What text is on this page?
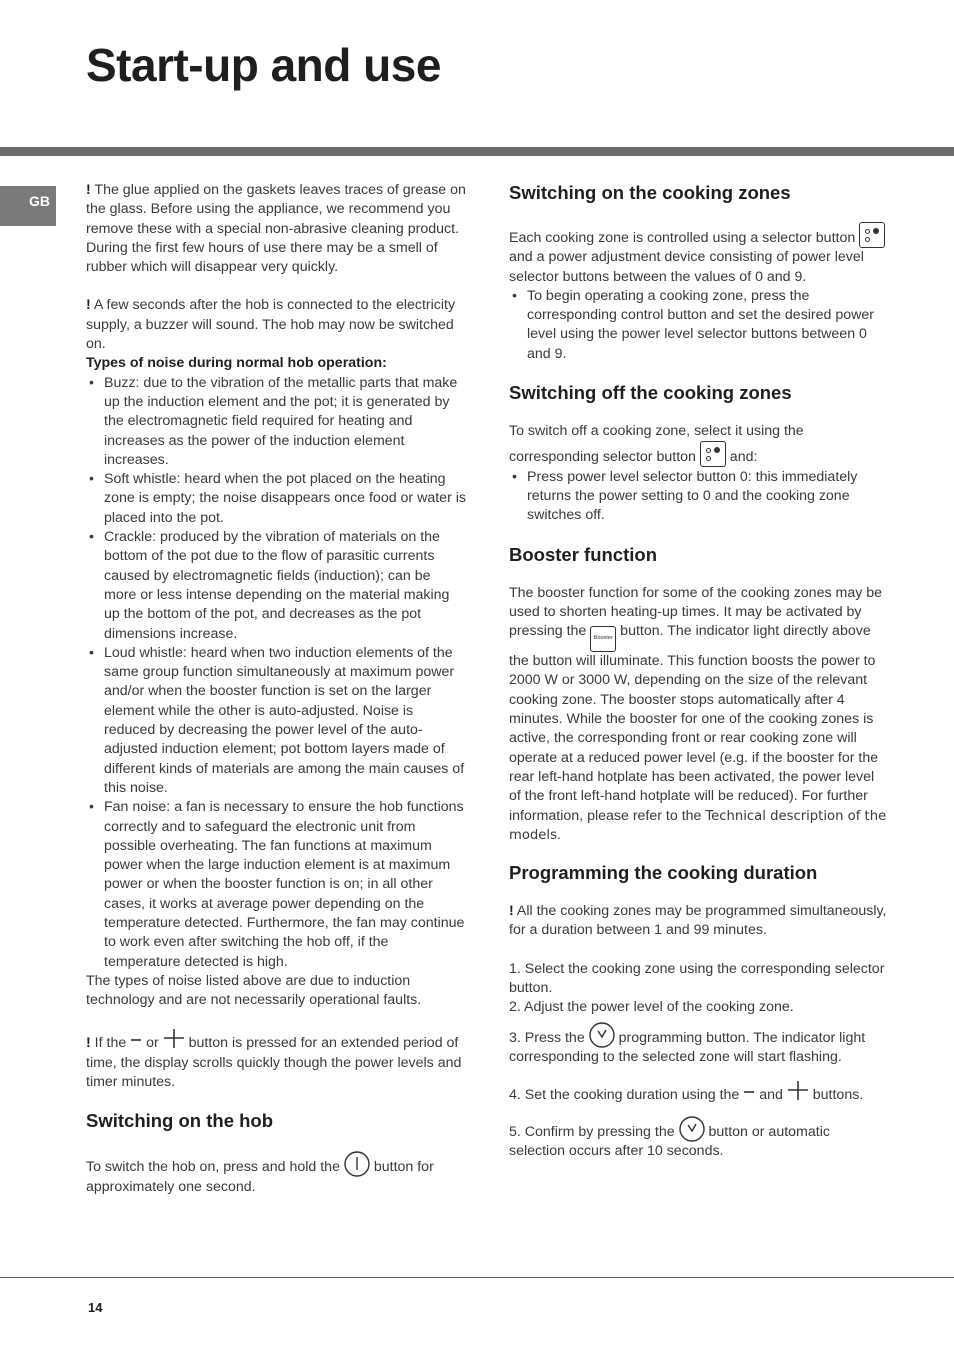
Start-up and use
GB

! The glue applied on the gaskets leaves traces of grease on the glass. Before using the appliance, we recommend you remove these with a special non-abrasive cleaning product. During the first few hours of use there may be a smell of rubber which will disappear very quickly.

! A few seconds after the hob is connected to the electricity supply, a buzzer will sound. The hob may now be switched on.

Types of noise during normal hob operation:

• Buzz: due to the vibration of the metallic parts that make up the induction element and the pot; it is generated by the electromagnetic field required for heating and increases as the power of the induction element increases.
• Soft whistle: heard when the pot placed on the heating zone is empty; the noise disappears once food or water is placed into the pot.
• Crackle: produced by the vibration of materials on the bottom of the pot due to the flow of parasitic currents caused by electromagnetic fields (induction); can be more or less intense depending on the material making up the bottom of the pot, and decreases as the pot dimensions increase.
• Loud whistle: heard when two induction elements of the same group function simultaneously at maximum power and/or when the booster function is set on the larger element while the other is auto-adjusted. Noise is reduced by decreasing the power level of the auto-adjusted induction element; pot bottom layers made of different kinds of materials are among the main causes of this noise.
• Fan noise: a fan is necessary to ensure the hob functions correctly and to safeguard the electronic unit from possible overheating. The fan functions at maximum power when the large induction element is at maximum power or when the booster function is on; in all other cases, it works at average power depending on the temperature detected. Furthermore, the fan may continue to work even after switching the hob off, if the temperature detected is high.

The types of noise listed above are due to induction technology and are not necessarily operational faults.

! If the  or  button is pressed for an extended period of time, the display scrolls quickly though the power levels and timer minutes.

Switching on the hob

To switch the hob on, press and hold the  button for approximately one second.

Switching on the cooking zones

Each cooking zone is controlled using a selector button
and a power adjustment device consisting of power level selector buttons between the values of 0 and 9.

• To begin operating a cooking zone, press the corresponding control button and set the desired power level using the power level selector buttons between 0 and 9.
Switching off the cooking zones

To switch off a cooking zone, select it using the corresponding selector button
and:

• Press power level selector button 0: this immediately returns the power setting to 0 and the cooking zone switches off.
Booster function

The booster function for some of the cooking zones may be used to shorten heating-up times. It may be activated by pressing the Booster button. The indicator light directly above the button will illuminate. This function boosts the power to 2000 W or 3000 W, depending on the size of the relevant cooking zone. The booster stops automatically after 4 minutes. While the booster for one of the cooking zones is active, the corresponding front or rear cooking zone will operate at a reduced power level (e.g. if the booster for the rear left-hand hotplate has been activated, the power level of the front left-hand hotplate will be reduced). For further information, please refer to the Technical description of the models.

Programming the cooking duration

! All the cooking zones may be programmed simultaneously, for a duration between 1 and 99 minutes.

1. Select the cooking zone using the corresponding selector button.

2. Adjust the power level of the cooking zone.

3. Press the  programming button. The indicator light corresponding to the selected zone will start flashing.

4. Set the cooking duration using the  and  buttons.

5. Confirm by pressing the  button or automatic selection occurs after 10 seconds.

14
